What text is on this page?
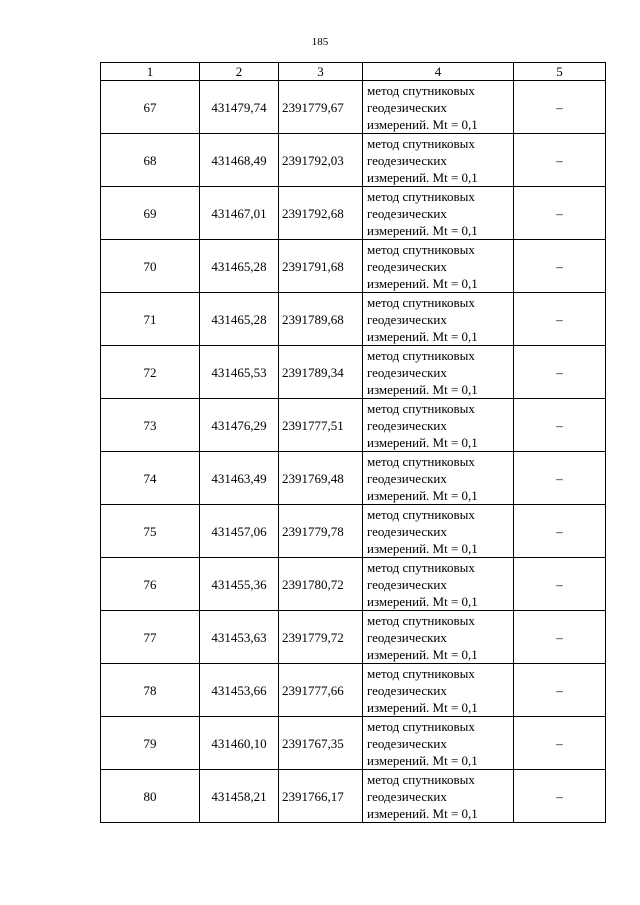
185
1	2	3	4	5
67	431479,74	2391779,67	метод спутниковых
геодезических
измерений. Mt = 0,1	–
68	431468,49	2391792,03	метод спутниковых
геодезических
измерений. Mt = 0,1	–
69	431467,01	2391792,68	метод спутниковых
геодезических
измерений. Mt = 0,1	–
70	431465,28	2391791,68	метод спутниковых
геодезических
измерений. Mt = 0,1	–
71	431465,28	2391789,68	метод спутниковых
геодезических
измерений. Mt = 0,1	–
72	431465,53	2391789,34	метод спутниковых
геодезических
измерений. Mt = 0,1	–
73	431476,29	2391777,51	метод спутниковых
геодезических
измерений. Mt = 0,1	–
74	431463,49	2391769,48	метод спутниковых
геодезических
измерений. Mt = 0,1	–
75	431457,06	2391779,78	метод спутниковых
геодезических
измерений. Mt = 0,1	–
76	431455,36	2391780,72	метод спутниковых
геодезических
измерений. Mt = 0,1	–
77	431453,63	2391779,72	метод спутниковых
геодезических
измерений. Mt = 0,1	–
78	431453,66	2391777,66	метод спутниковых
геодезических
измерений. Mt = 0,1	–
79	431460,10	2391767,35	метод спутниковых
геодезических
измерений. Mt = 0,1	–
80	431458,21	2391766,17	метод спутниковых
геодезических
измерений. Mt = 0,1	–
